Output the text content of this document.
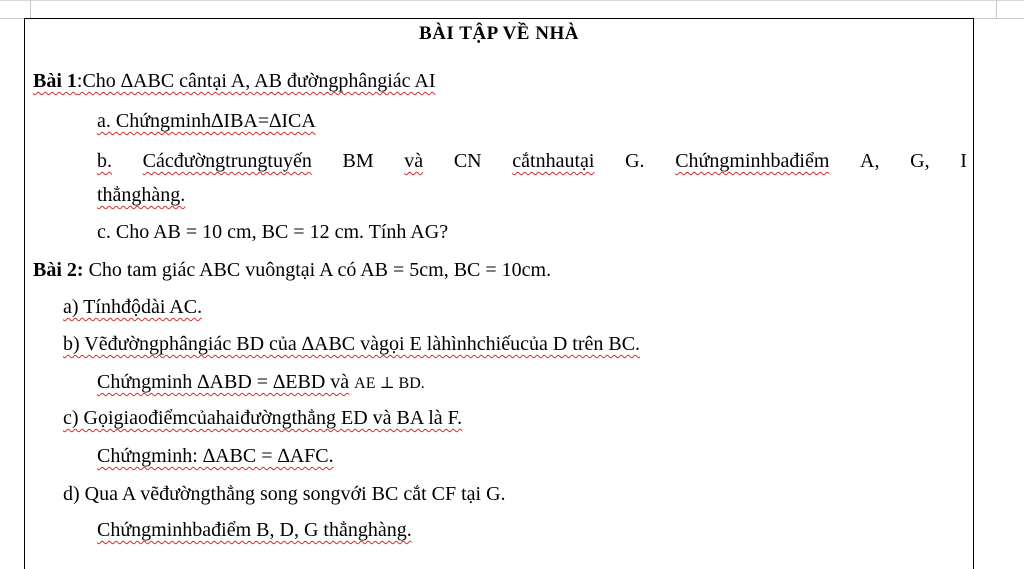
BÀI TẬP VỀ NHÀ
Bài 1:Cho ∆ABC cântại A, AB đườngphângiác AI
a. Chứngminh∆IBA=∆ICA
b. Cácđườngtrungtuyến BM và CN cắtnhautại G. Chứngminhbađiểm A, G, I
thẳnghàng.
c. Cho AB = 10 cm, BC = 12 cm. Tính AG?
Bài 2: Cho tam giác ABC vuôngtại A có AB = 5cm, BC = 10cm.
a) Tínhđộdài AC.
b) Vẽđườngphângiác BD của ∆ABC vàgọi E làhìnhchiếucủa D trên BC.
Chứngminh ∆ABD = ∆EBD và AE ⊥ BD.
c) Gọigiaođiểmcủahaiđườngthẳng ED và BA là F.
Chứngminh: ∆ABC = ∆AFC.
d) Qua A vẽđườngthẳng song songvới BC cắt CF tại G.
Chứngminhbađiểm B, D, G thẳnghàng.
